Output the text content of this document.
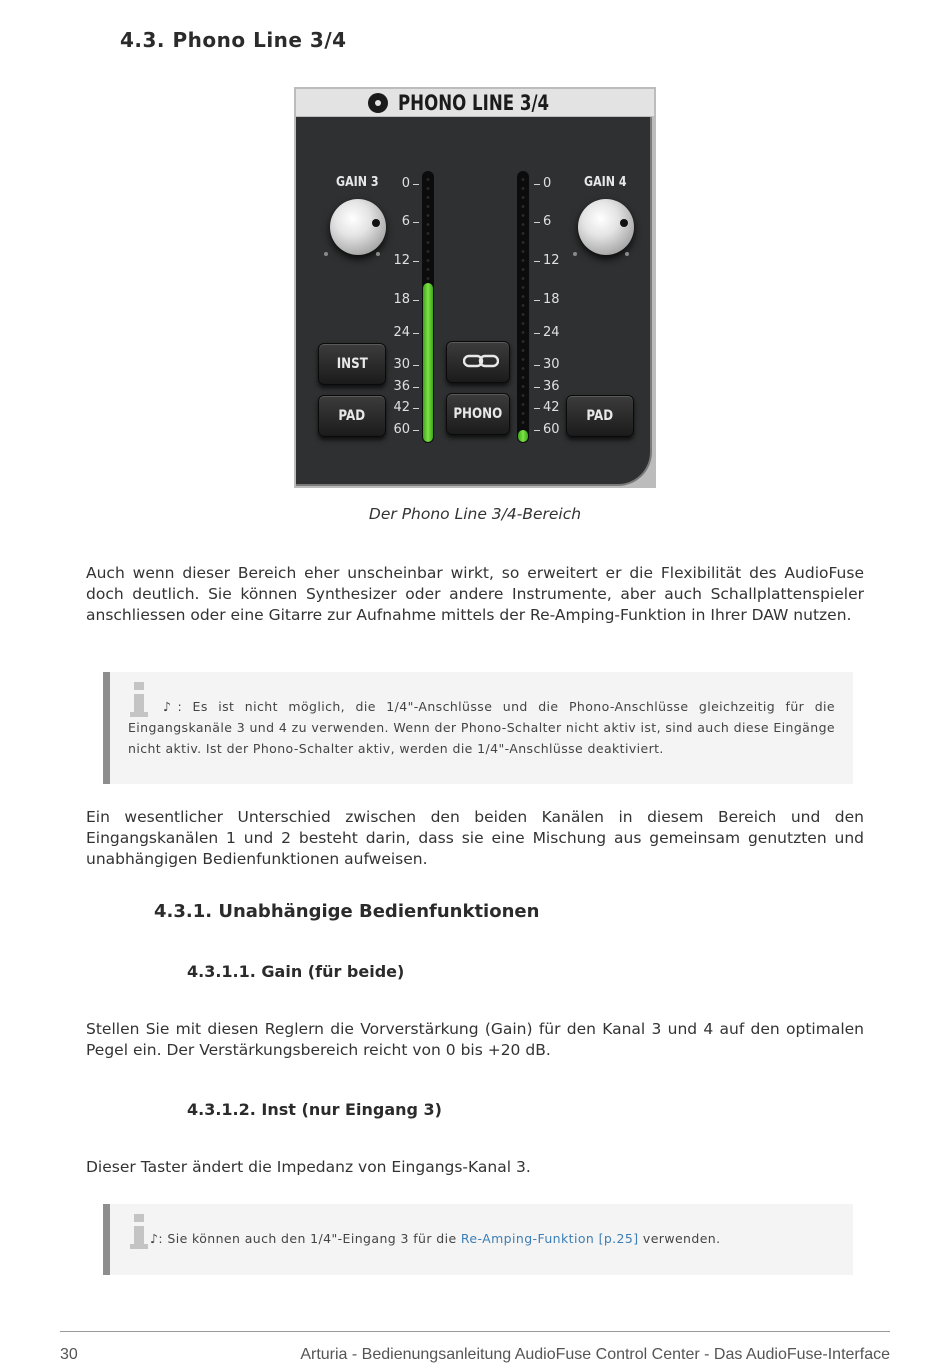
4.3. Phono Line 3/4
PHONO LINE 3/4
GAIN 3	GAIN 4
0
6
12
18
24
30
36
42
60
0
6
12
18
24
30
36
42
60
INST
PAD	PHONO	PAD
Der Phono Line 3/4-Bereich
Auch wenn dieser Bereich eher unscheinbar wirkt, so erweitert er die Flexibilität des AudioFuse doch deutlich. Sie können Synthesizer oder andere Instrumente, aber auch Schallplattenspieler anschliessen oder eine Gitarre zur Aufnahme mittels der Re-Amping-Funktion in Ihrer DAW nutzen.
♪: Es ist nicht möglich, die 1/4"-Anschlüsse und die Phono-Anschlüsse gleichzeitig für die Eingangskanäle 3 und 4 zu verwenden. Wenn der Phono-Schalter nicht aktiv ist, sind auch diese Eingänge nicht aktiv. Ist der Phono-Schalter aktiv, werden die 1/4"-Anschlüsse deaktiviert.
Ein wesentlicher Unterschied zwischen den beiden Kanälen in diesem Bereich und den Eingangskanälen 1 und 2 besteht darin, dass sie eine Mischung aus gemeinsam genutzten und unabhängigen Bedienfunktionen aufweisen.
4.3.1. Unabhängige Bedienfunktionen
4.3.1.1. Gain (für beide)
Stellen Sie mit diesen Reglern die Vorverstärkung (Gain) für den Kanal 3 und 4 auf den optimalen Pegel ein. Der Verstärkungsbereich reicht von 0 bis +20 dB.
4.3.1.2. Inst (nur Eingang 3)
Dieser Taster ändert die Impedanz von Eingangs-Kanal 3.
♪: Sie können auch den 1/4"-Eingang 3 für die Re-Amping-Funktion [p.25] verwenden.
30	Arturia - Bedienungsanleitung AudioFuse Control Center - Das AudioFuse-Interface
